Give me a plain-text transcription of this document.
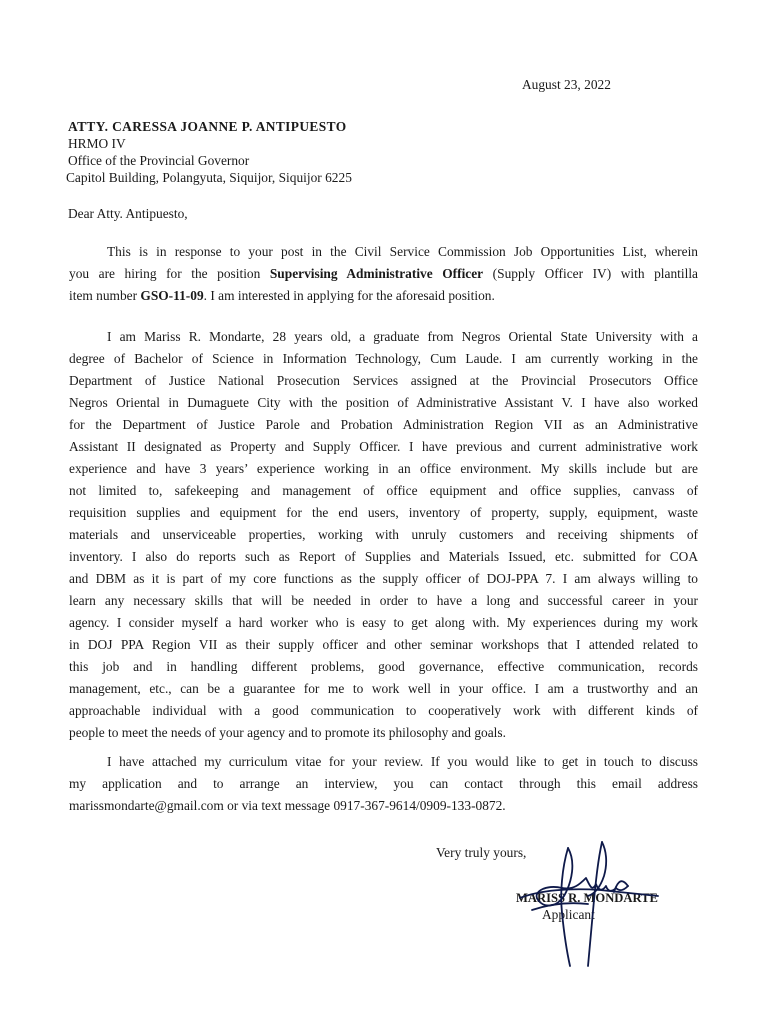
August 23, 2022
ATTY. CARESSA JOANNE P. ANTIPUESTO
HRMO IV
Office of the Provincial Governor
Capitol Building, Polangyuta, Siquijor, Siquijor 6225
Dear Atty. Antipuesto,
This is in response to your post in the Civil Service Commission Job Opportunities List, wherein
you are hiring for the position Supervising Administrative Officer (Supply Officer IV) with plantilla
item number GSO-11-09. I am interested in applying for the aforesaid position.
I am Mariss R. Mondarte, 28 years old, a graduate from Negros Oriental State University with a
degree of Bachelor of Science in Information Technology, Cum Laude. I am currently working in the
Department of Justice National Prosecution Services assigned at the Provincial Prosecutors Office
Negros Oriental in Dumaguete City with the position of Administrative Assistant V. I have also worked
for the Department of Justice Parole and Probation Administration Region VII as an Administrative
Assistant II designated as Property and Supply Officer. I have previous and current administrative work
experience and have 3 years’ experience working in an office environment. My skills include but are
not limited to, safekeeping and management of office equipment and office supplies, canvass of
requisition supplies and equipment for the end users, inventory of property, supply, equipment, waste
materials and unserviceable properties, working with unruly customers and receiving shipments of
inventory. I also do reports such as Report of Supplies and Materials Issued, etc. submitted for COA
and DBM as it is part of my core functions as the supply officer of DOJ-PPA 7. I am always willing to
learn any necessary skills that will be needed in order to have a long and successful career in your
agency. I consider myself a hard worker who is easy to get along with. My experiences during my work
in DOJ PPA Region VII as their supply officer and other seminar workshops that I attended related to
this job and in handling different problems, good governance, effective communication, records
management, etc., can be a guarantee for me to work well in your office. I am a trustworthy and an
approachable individual with a good communication to cooperatively work with different kinds of
people to meet the needs of your agency and to promote its philosophy and goals.
I have attached my curriculum vitae for your review. If you would like to get in touch to discuss
my application and to arrange an interview, you can contact through this email address
marissmondarte@gmail.com or via text message 0917-367-9614/0909-133-0872.
Very truly yours,
MARISS R. MONDARTE
Applicant
